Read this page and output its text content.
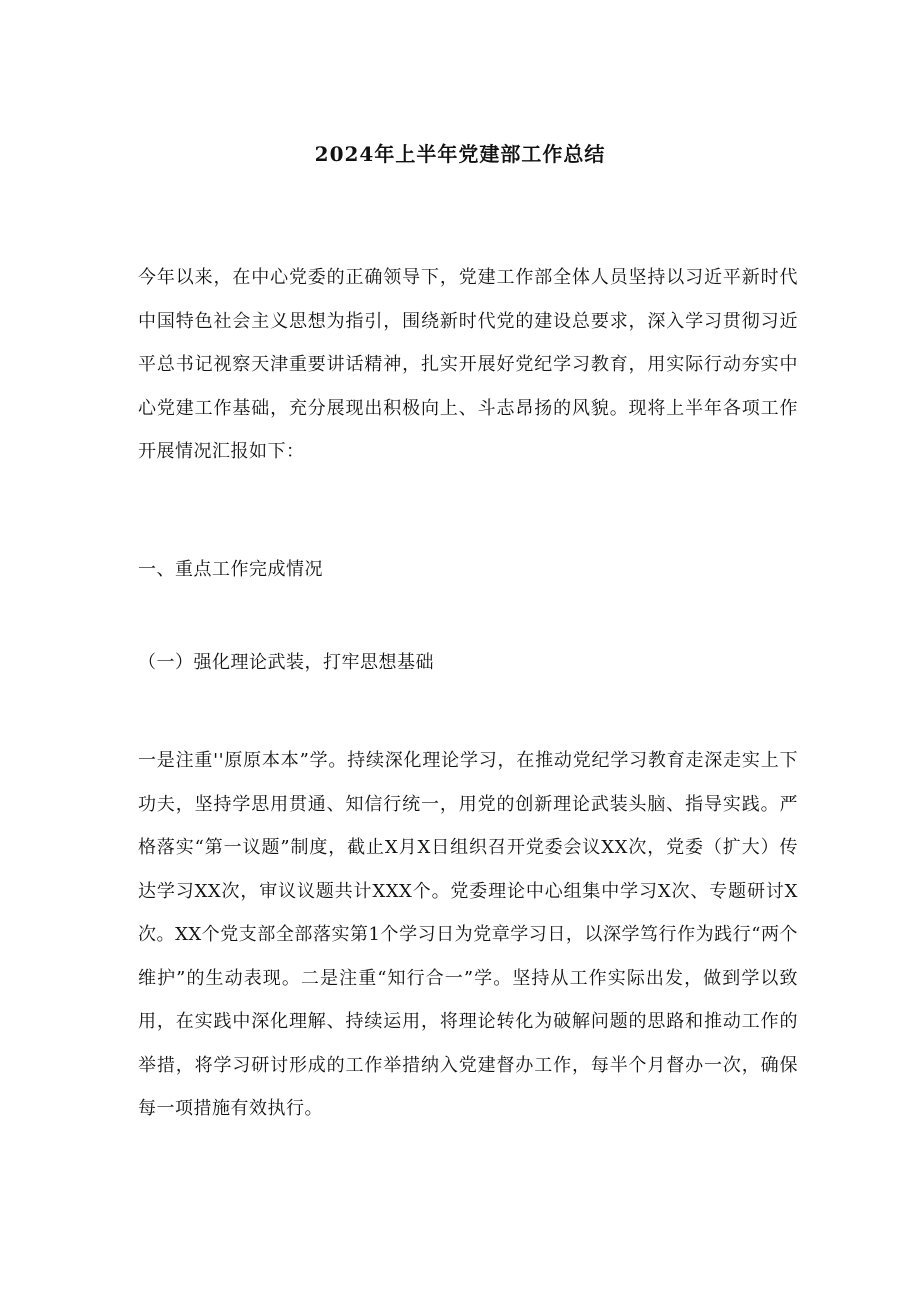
2024年上半年党建部工作总结

今年以来，在中心党委的正确领导下，党建工作部全体人员坚持以习近平新时代中国特色社会主义思想为指引，围绕新时代党的建设总要求，深入学习贯彻习近平总书记视察天津重要讲话精神，扎实开展好党纪学习教育，用实际行动夯实中心党建工作基础，充分展现出积极向上、斗志昂扬的风貌。现将上半年各项工作开展情况汇报如下：

一、重点工作完成情况

（一）强化理论武装，打牢思想基础

一是注重''原原本本”学。持续深化理论学习，在推动党纪学习教育走深走实上下功夫，坚持学思用贯通、知信行统一，用党的创新理论武装头脑、指导实践。严格落实“第一议题”制度，截止X月X日组织召开党委会议XX次，党委（扩大）传达学习XX次，审议议题共计XXX个。党委理论中心组集中学习X次、专题研讨X次。XX个党支部全部落实第1个学习日为党章学习日，以深学笃行作为践行“两个维护”的生动表现。二是注重“知行合一”学。坚持从工作实际出发，做到学以致用，在实践中深化理解、持续运用，将理论转化为破解问题的思路和推动工作的举措，将学习研讨形成的工作举措纳入党建督办工作，每半个月督办一次，确保每一项措施有效执行。
